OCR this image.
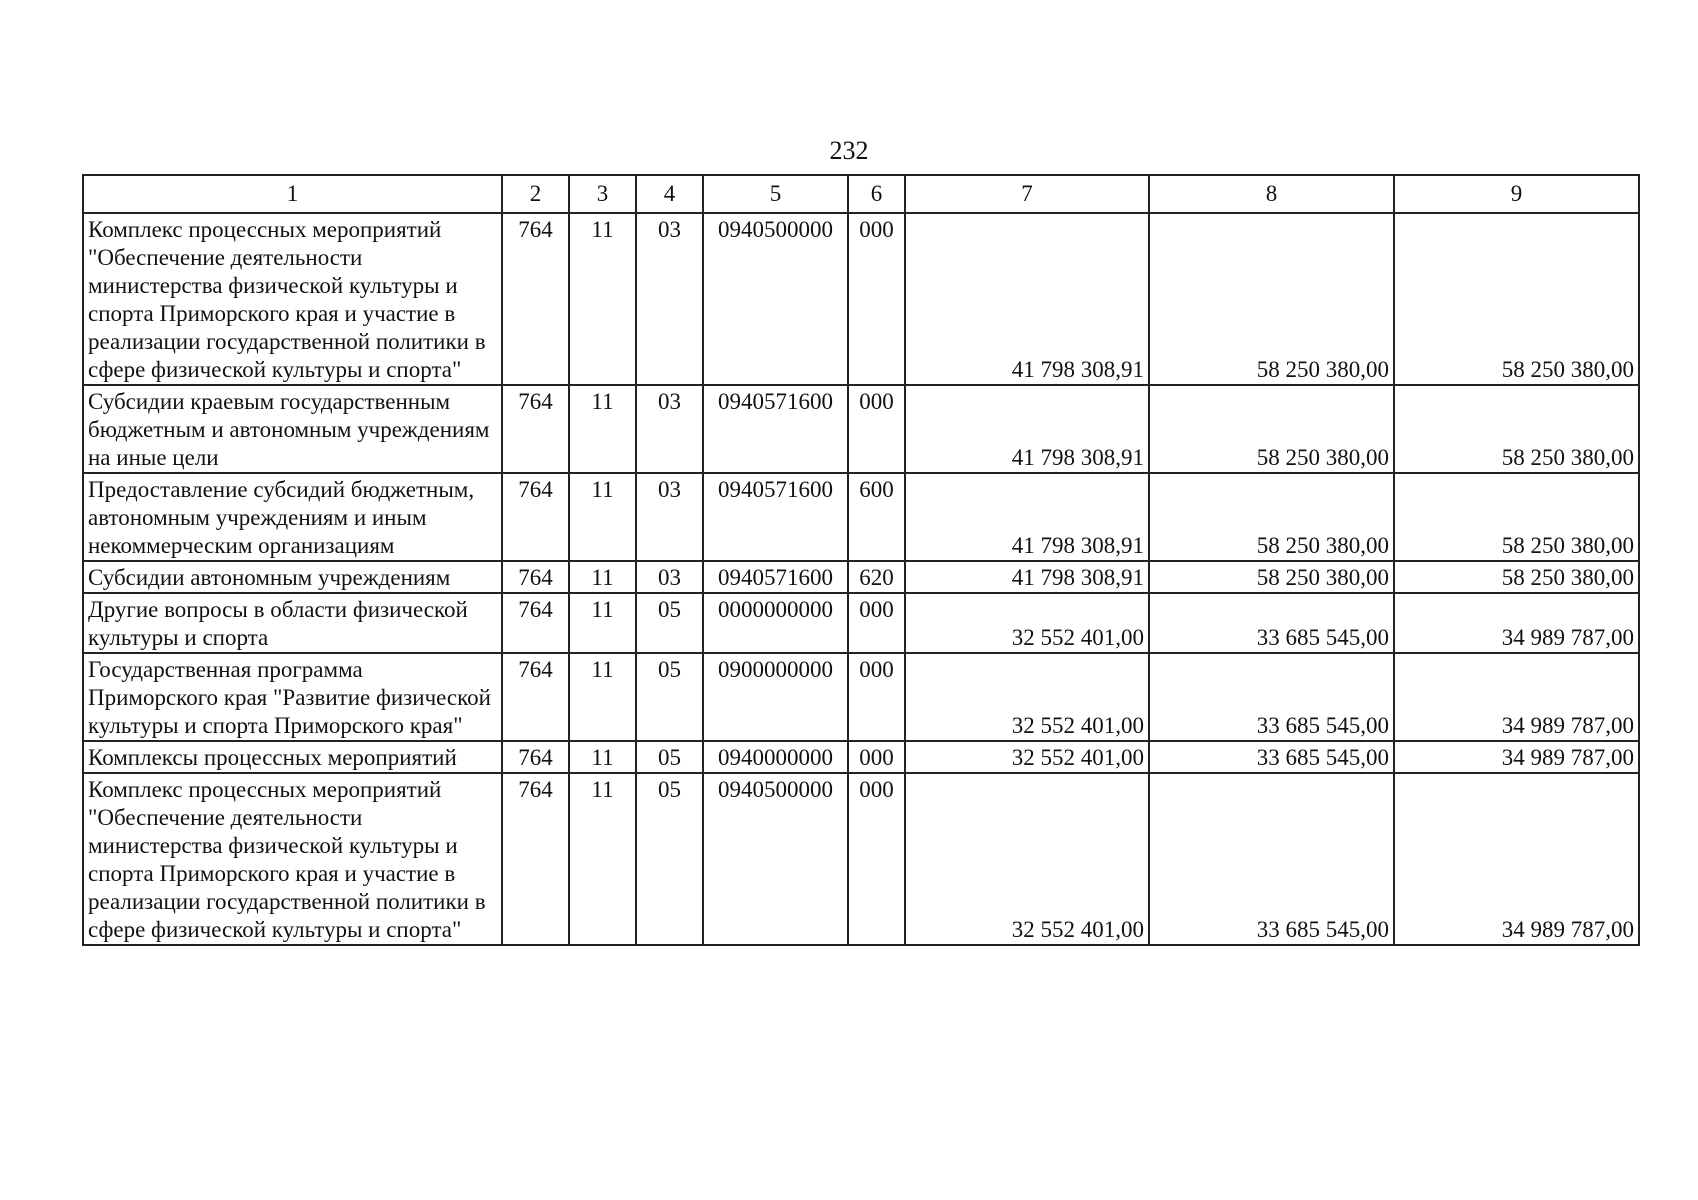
232
1	2	3	4	5	6	7	8	9
Комплекс процессных мероприятий "Обеспечение деятельности министерства физической культуры и спорта Приморского края и участие в реализации государственной политики в сфере физической культуры и спорта"	764	11	03	0940500000	000	41 798 308,91	58 250 380,00	58 250 380,00
Субсидии краевым государственным бюджетным и автономным учреждениям на иные цели	764	11	03	0940571600	000	41 798 308,91	58 250 380,00	58 250 380,00
Предоставление субсидий бюджетным, автономным учреждениям и иным некоммерческим организациям	764	11	03	0940571600	600	41 798 308,91	58 250 380,00	58 250 380,00
Субсидии автономным учреждениям	764	11	03	0940571600	620	41 798 308,91	58 250 380,00	58 250 380,00
Другие вопросы в области физической культуры и спорта	764	11	05	0000000000	000	32 552 401,00	33 685 545,00	34 989 787,00
Государственная программа Приморского края "Развитие физической культуры и спорта Приморского края"	764	11	05	0900000000	000	32 552 401,00	33 685 545,00	34 989 787,00
Комплексы процессных мероприятий	764	11	05	0940000000	000	32 552 401,00	33 685 545,00	34 989 787,00
Комплекс процессных мероприятий "Обеспечение деятельности министерства физической культуры и спорта Приморского края и участие в реализации государственной политики в сфере физической культуры и спорта"	764	11	05	0940500000	000	32 552 401,00	33 685 545,00	34 989 787,00
